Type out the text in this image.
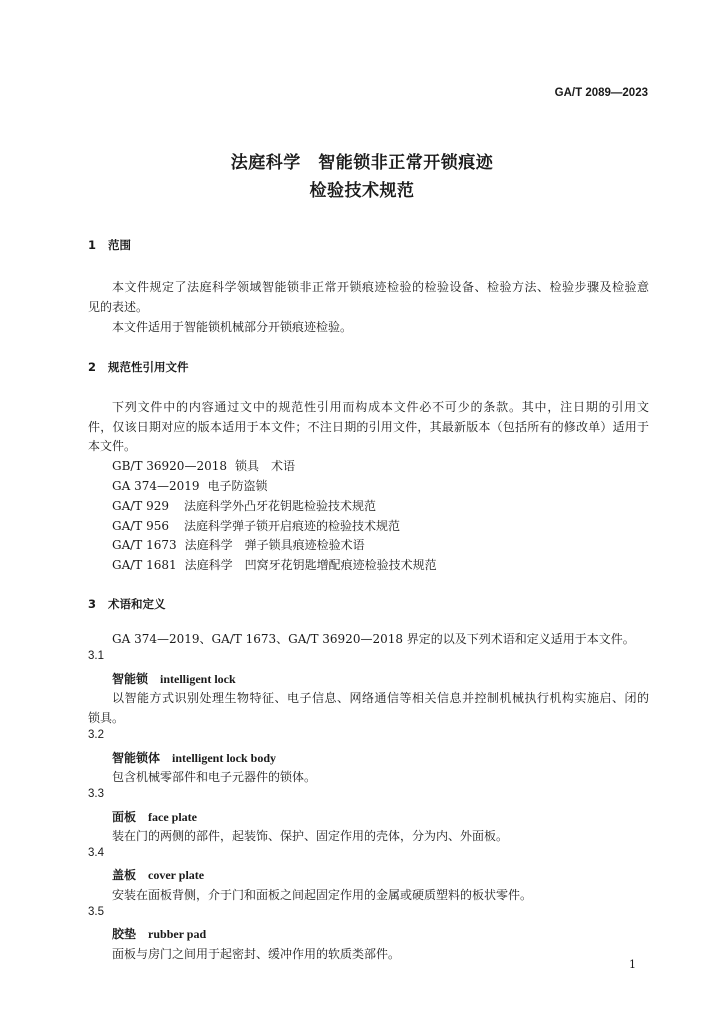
GA/T 2089—2023
法庭科学　智能锁非正常开锁痕迹
检验技术规范
1 范围
本文件规定了法庭科学领域智能锁非正常开锁痕迹检验的检验设备、检验方法、检验步骤及检验意
见的表述。
本文件适用于智能锁机械部分开锁痕迹检验。
2 规范性引用文件
下列文件中的内容通过文中的规范性引用而构成本文件必不可少的条款。其中，注日期的引用文
件，仅该日期对应的版本适用于本文件；不注日期的引用文件，其最新版本（包括所有的修改单）适用于
本文件。
GB/T 36920—2018 锁具　术语
GA 374—2019 电子防盗锁
GA/T 929 法庭科学外凸牙花钥匙检验技术规范
GA/T 956 法庭科学弹子锁开启痕迹的检验技术规范
GA/T 1673 法庭科学　弹子锁具痕迹检验术语
GA/T 1681 法庭科学　凹窝牙花钥匙增配痕迹检验技术规范
3 术语和定义
GA 374—2019、GA/T 1673、GA/T 36920—2018 界定的以及下列术语和定义适用于本文件。
3.1
智能锁 intelligent lock
以智能方式识别处理生物特征、电子信息、网络通信等相关信息并控制机械执行机构实施启、闭的
锁具。
3.2
智能锁体 intelligent lock body
包含机械零部件和电子元器件的锁体。
3.3
面板 face plate
装在门的两侧的部件，起装饰、保护、固定作用的壳体，分为内、外面板。
3.4
盖板 cover plate
安装在面板背侧，介于门和面板之间起固定作用的金属或硬质塑料的板状零件。
3.5
胶垫 rubber pad
面板与房门之间用于起密封、缓冲作用的软质类部件。
1
